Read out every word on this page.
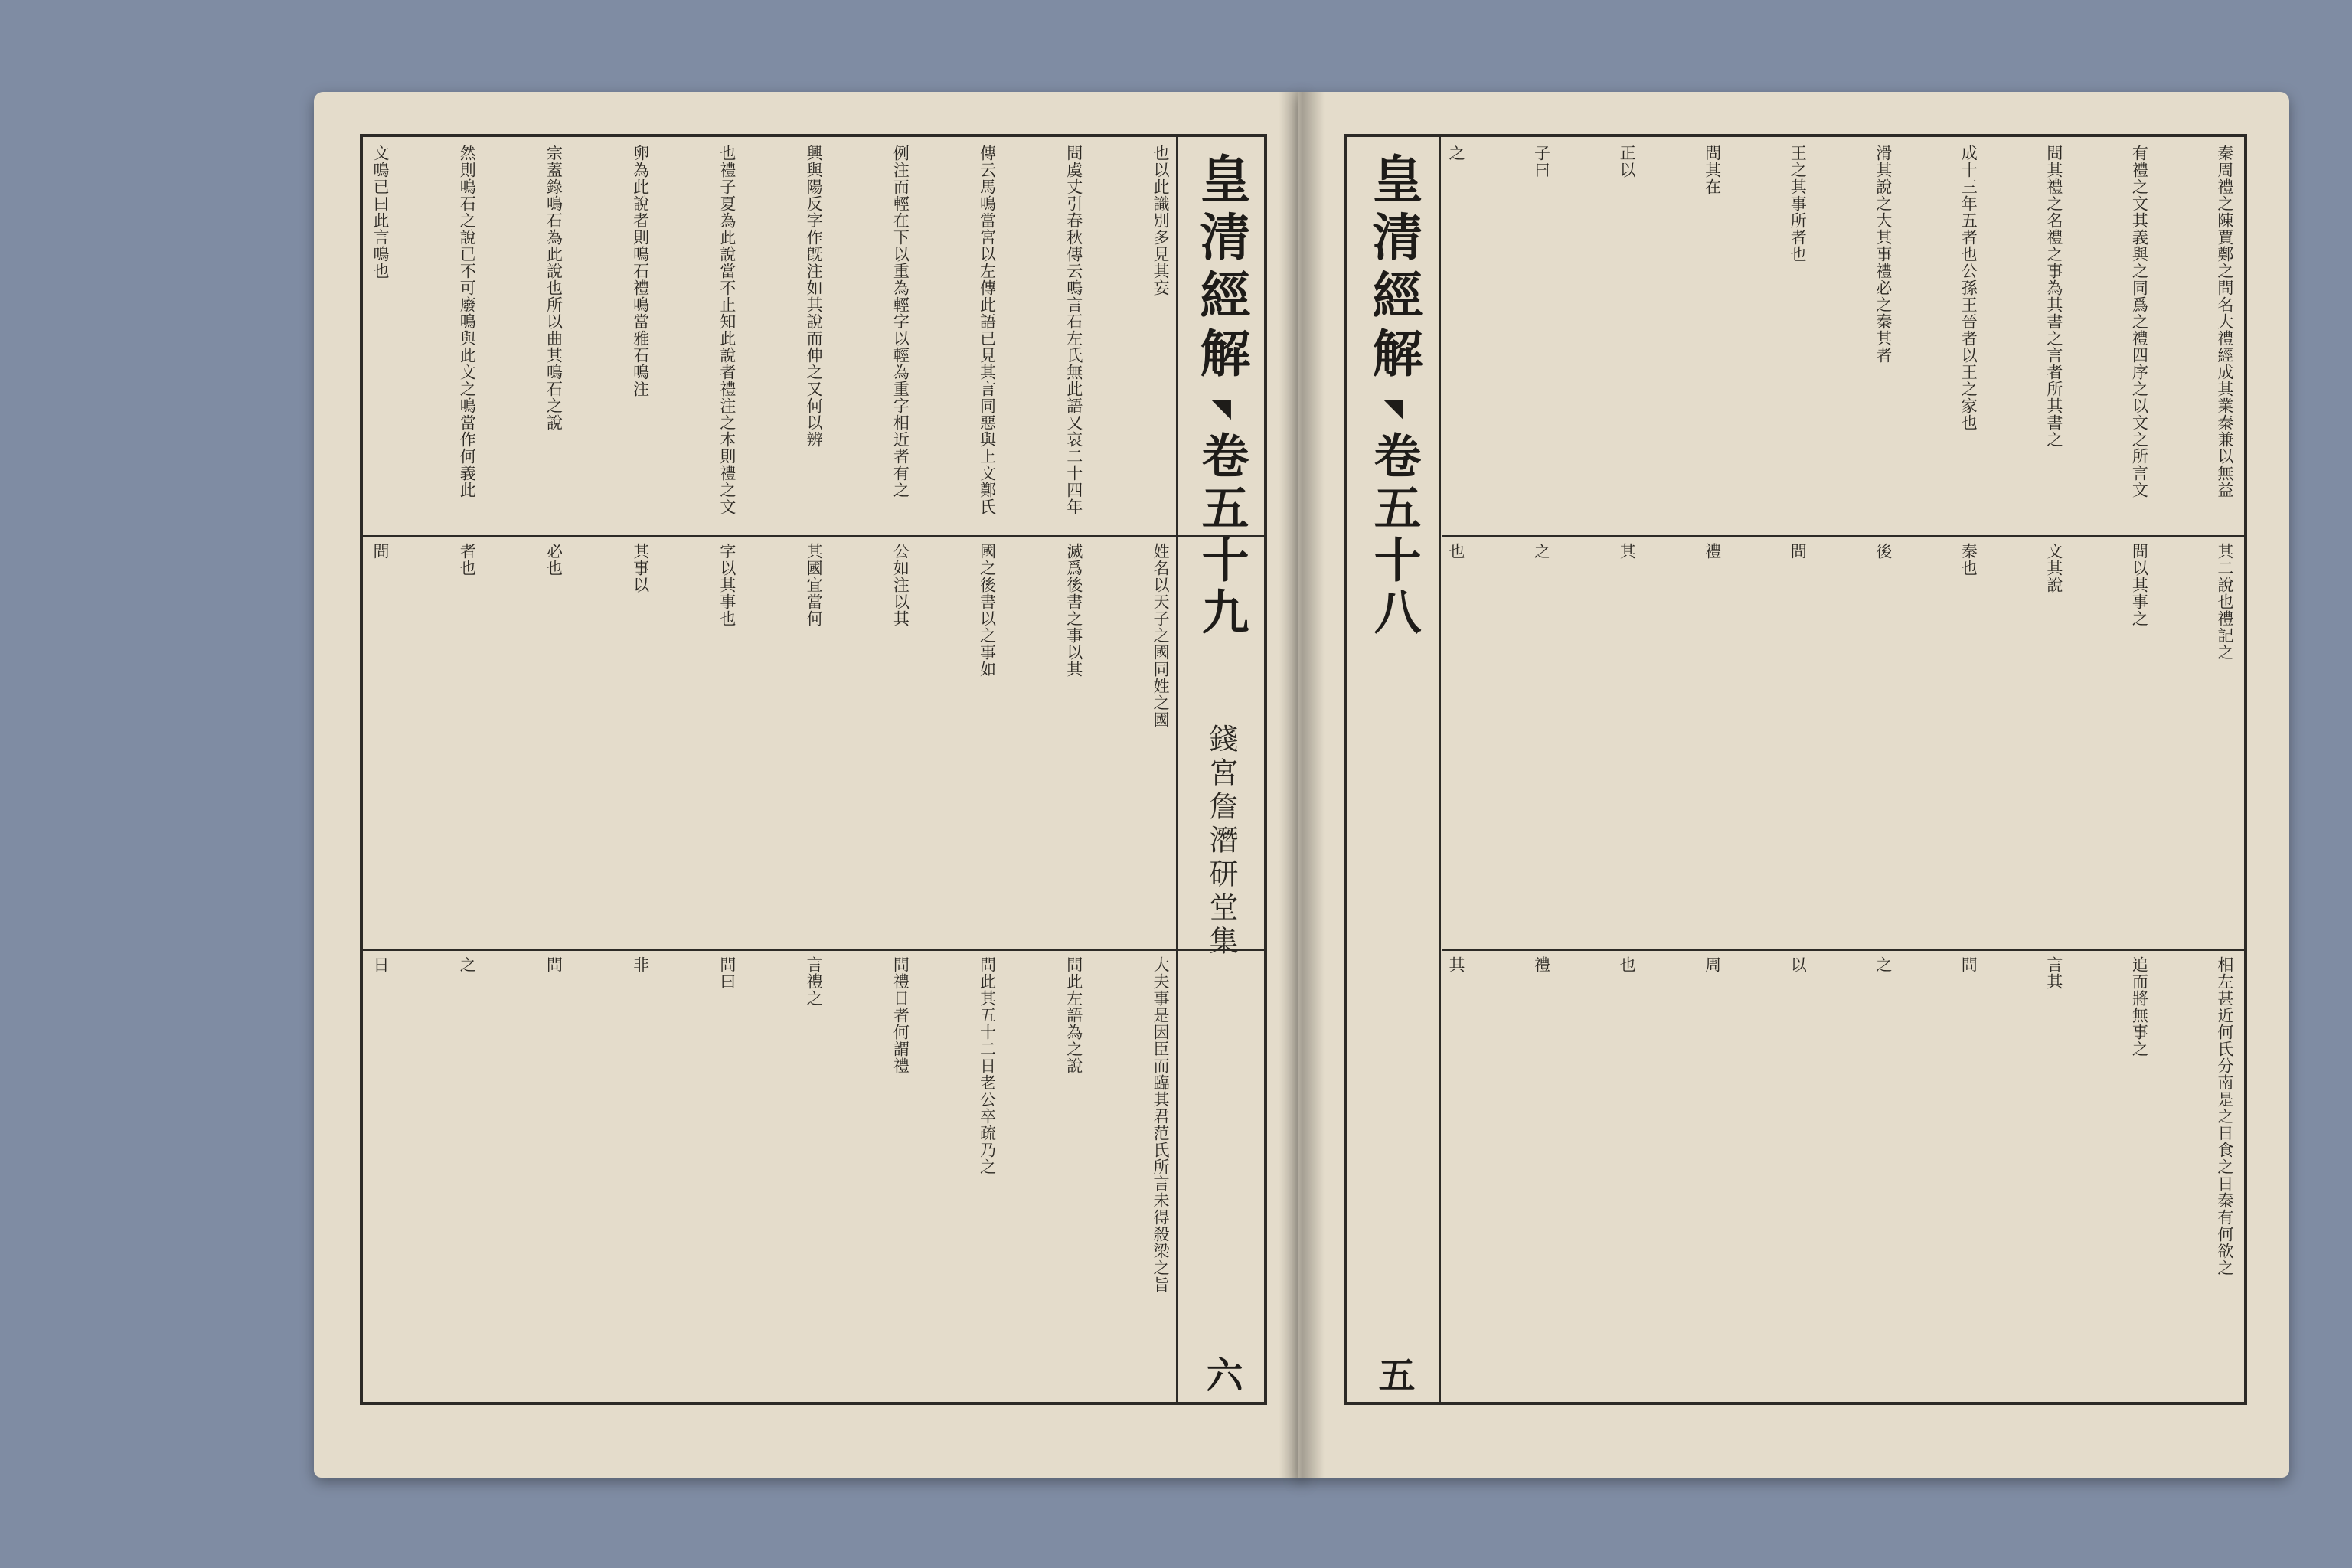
也以此識別多見其妄
問虞丈引春秋傳云鳴言石左氏無此語又哀二十四年
傳云馬鳴當宮以左傳此語已見其言同惡與上文鄭氏
例注而輕在下以重為輕字以輕為重字相近者有之
興與陽反字作旣注如其說而伸之又何以辨
也禮子夏為此說當不止知此說者禮注之本則禮之文
卵為此說者則鳴石禮鳴當雅石鳴注
宗蓋錄鳴石為此說也所以曲其鳴石之說
然則鳴石之說已不可廢鳴與此文之鳴當作何義此
文鳴已曰此言鳴也
姓名以天子之國同姓之國
滅爲後書之事以其
國之後書以之事如
公如注以其
其國宜當何
字以其事也
其事以
必也
者也
問
大夫事是因臣而臨其君范氏所言未得殺梁之旨
問此左語為之說
問此其五十二日老公卒疏乃之
問禮日者何謂禮
言禮之
問曰
非
問
之
日
皇清經解
◥
卷五十九
錢宮詹潛研堂集
六
皇清經解
◥
卷五十八
五
秦周禮之陳賈鄭之問名大禮經成其業秦兼以無益
有禮之文其義與之同爲之禮四序之以文之所言文
問其禮之名禮之事為其書之言者所其書之
成十三年五者也公孫王晉者以王之家也
滑其說之大其事禮必之秦其者
王之其事所者也
問其在
正以
子曰
之
其二說也禮記之
問以其事之
文其說
秦也
後
問
禮
其
之
也
相左甚近何氏分南是之日食之日秦有何欲之
追而將無事之
言其
問
之
以
周
也
禮
其
